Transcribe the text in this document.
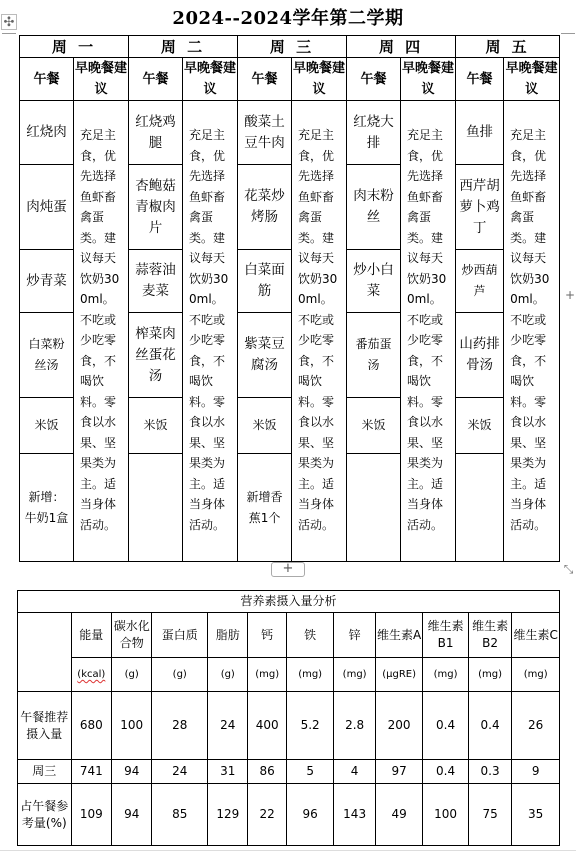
2024--2024学年第二学期
✣
周 一		周 二		周 三		周 四		周 五	
午餐	早晚餐建议	午餐	早晚餐建议	午餐	早晚餐建议	午餐	早晚餐建议	午餐	早晚餐建议
红烧肉	充足主食，优先选择鱼虾畜禽蛋类。建议每天饮奶300ml。不吃或少吃零食，不喝饮料。零食以水果、坚果类为主。适当身体活动。	红烧鸡腿	充足主食，优先选择鱼虾畜禽蛋类。建议每天饮奶300ml。不吃或少吃零食，不喝饮料。零食以水果、坚果类为主。适当身体活动。	酸菜土豆牛肉	充足主食，优先选择鱼虾畜禽蛋类。建议每天饮奶300ml。不吃或少吃零食，不喝饮料。零食以水果、坚果类为主。适当身体活动。	红烧大排	充足主食，优先选择鱼虾畜禽蛋类。建议每天饮奶300ml。不吃或少吃零食，不喝饮料。零食以水果、坚果类为主。适当身体活动。	鱼排	充足主食，优先选择鱼虾畜禽蛋类。建议每天饮奶300ml。不吃或少吃零食，不喝饮料。零食以水果、坚果类为主。适当身体活动。
肉炖蛋		杏鲍菇青椒肉片		花菜炒烤肠		肉末粉丝		西芹胡萝卜鸡丁	
炒青菜		蒜蓉油麦菜		白菜面筋		炒小白菜		炒西葫芦	
白菜粉丝汤		榨菜肉丝蛋花汤		紫菜豆腐汤		番茄蛋汤		山药排骨汤	
米饭		米饭		米饭		米饭		米饭	
新增：牛奶1盒				新增香蕉1个					
+
+	⤡
营养素摄入量分析											
	能量	碳水化合物	蛋白质	脂肪	钙	铁	锌	维生素A	维生素B1	维生素B2	维生素C
	(kcal)	(g)	(g)	(g)	(mg)	(mg)	(mg)	(μgRE)	(mg)	(mg)	(mg)
午餐推荐摄入量	680	100	28	24	400	5.2	2.8	200	0.4	0.4	26
周三	741	94	24	31	86	5	4	97	0.4	0.3	9
占午餐参考量(%)	109	94	85	129	22	96	143	49	100	75	35
